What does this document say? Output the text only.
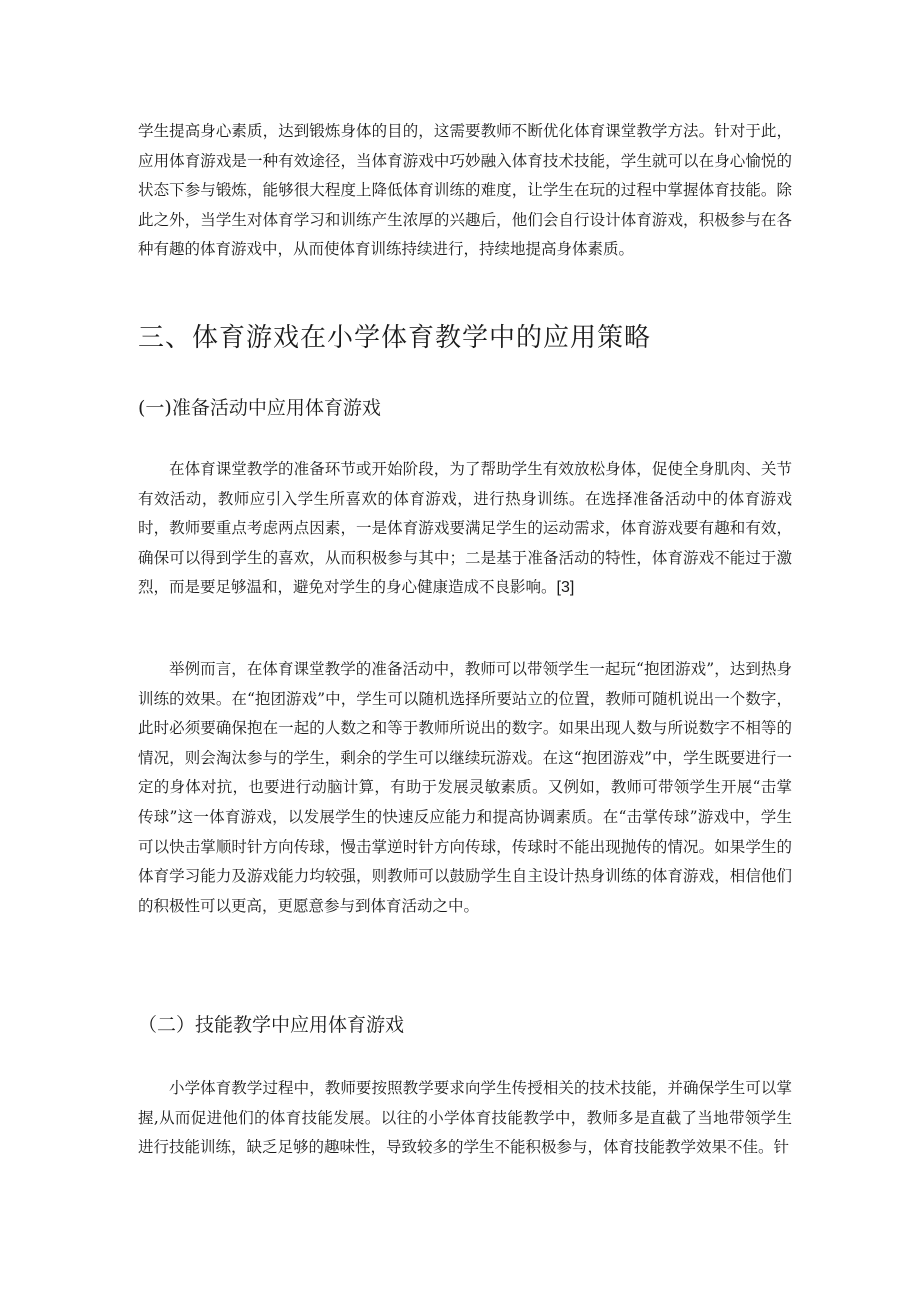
学生提高身心素质，达到锻炼身体的目的，这需要教师不断优化体育课堂教学方法。针对于此，应用体育游戏是一种有效途径，当体育游戏中巧妙融入体育技术技能，学生就可以在身心愉悦的状态下参与锻炼，能够很大程度上降低体育训练的难度，让学生在玩的过程中掌握体育技能。除此之外，当学生对体育学习和训练产生浓厚的兴趣后，他们会自行设计体育游戏，积极参与在各种有趣的体育游戏中，从而使体育训练持续进行，持续地提高身体素质。

三、体育游戏在小学体育教学中的应用策略
(一)准备活动中应用体育游戏

在体育课堂教学的准备环节或开始阶段，为了帮助学生有效放松身体，促使全身肌肉、关节有效活动，教师应引入学生所喜欢的体育游戏，进行热身训练。在选择准备活动中的体育游戏时，教师要重点考虑两点因素，一是体育游戏要满足学生的运动需求，体育游戏要有趣和有效，确保可以得到学生的喜欢，从而积极参与其中；二是基于准备活动的特性，体育游戏不能过于激烈，而是要足够温和，避免对学生的身心健康造成不良影响。[3]

举例而言，在体育课堂教学的准备活动中，教师可以带领学生一起玩“抱团游戏”，达到热身训练的效果。在“抱团游戏”中，学生可以随机选择所要站立的位置，教师可随机说出一个数字，此时必须要确保抱在一起的人数之和等于教师所说出的数字。如果出现人数与所说数字不相等的情况，则会淘汰参与的学生，剩余的学生可以继续玩游戏。在这“抱团游戏”中，学生既要进行一定的身体对抗，也要进行动脑计算，有助于发展灵敏素质。又例如，教师可带领学生开展“击掌传球”这一体育游戏，以发展学生的快速反应能力和提高协调素质。在“击掌传球”游戏中，学生可以快击掌顺时针方向传球，慢击掌逆时针方向传球，传球时不能出现抛传的情况。如果学生的体育学习能力及游戏能力均较强，则教师可以鼓励学生自主设计热身训练的体育游戏，相信他们的积极性可以更高，更愿意参与到体育活动之中。

（二）技能教学中应用体育游戏

小学体育教学过程中，教师要按照教学要求向学生传授相关的技术技能，并确保学生可以掌握,从而促进他们的体育技能发展。以往的小学体育技能教学中，教师多是直截了当地带领学生进行技能训练，缺乏足够的趣味性，导致较多的学生不能积极参与，体育技能教学效果不佳。针
